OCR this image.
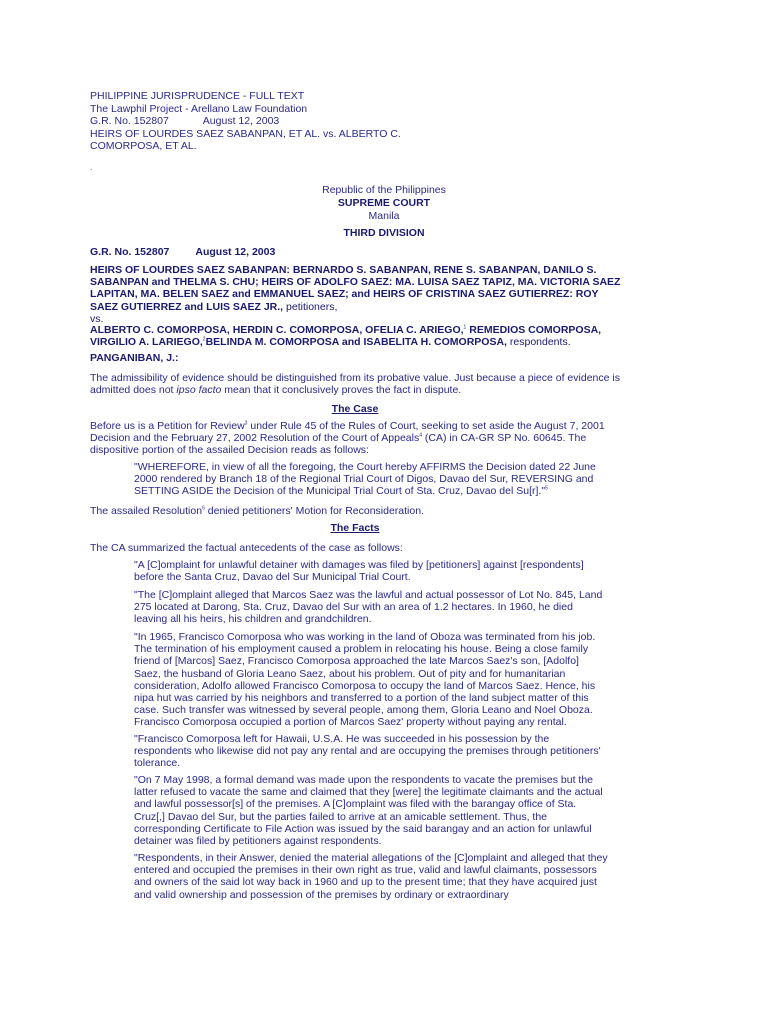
PHILIPPINE JURISPRUDENCE - FULL TEXT
The Lawphil Project - Arellano Law Foundation
G.R. No. 152807	August 12, 2003
HEIRS OF LOURDES SAEZ SABANPAN, ET AL. vs. ALBERTO C.
COMORPOSA, ET AL.
.
Republic of the Philippines
SUPREME COURT
Manila
THIRD DIVISION
G.R. No. 152807 August 12, 2003
HEIRS OF LOURDES SAEZ SABANPAN: BERNARDO S. SABANPAN, RENE S. SABANPAN, DANILO S. SABANPAN and THELMA S. CHU; HEIRS OF ADOLFO SAEZ: MA. LUISA SAEZ TAPIZ, MA. VICTORIA SAEZ LAPITAN, MA. BELEN SAEZ and EMMANUEL SAEZ; and HEIRS OF CRISTINA SAEZ GUTIERREZ: ROY SAEZ GUTIERREZ and LUIS SAEZ JR., petitioners,
vs.
ALBERTO C. COMORPOSA, HERDIN C. COMORPOSA, OFELIA C. ARIEGO,$^1$ REMEDIOS COMORPOSA, VIRGILIO A. LARIEGO,$^2$BELINDA M. COMORPOSA and ISABELITA H. COMORPOSA, respondents.
PANGANIBAN, J.:
The admissibility of evidence should be distinguished from its probative value. Just because a piece of evidence is admitted does not ipso facto mean that it conclusively proves the fact in dispute.
The Case
Before us is a Petition for Review$^3$ under Rule 45 of the Rules of Court, seeking to set aside the August 7, 2001 Decision and the February 27, 2002 Resolution of the Court of Appeals$^4$ (CA) in CA-GR SP No. 60645. The dispositive portion of the assailed Decision reads as follows:
"WHEREFORE, in view of all the foregoing, the Court hereby AFFIRMS the Decision dated 22 June 2000 rendered by Branch 18 of the Regional Trial Court of Digos, Davao del Sur, REVERSING and SETTING ASIDE the Decision of the Municipal Trial Court of Sta. Cruz, Davao del Su[r]."$^5$
The assailed Resolution$^6$ denied petitioners' Motion for Reconsideration.
The Facts
The CA summarized the factual antecedents of the case as follows:
"A [C]omplaint for unlawful detainer with damages was filed by [petitioners] against [respondents] before the Santa Cruz, Davao del Sur Municipal Trial Court.
"The [C]omplaint alleged that Marcos Saez was the lawful and actual possessor of Lot No. 845, Land 275 located at Darong, Sta. Cruz, Davao del Sur with an area of 1.2 hectares. In 1960, he died leaving all his heirs, his children and grandchildren.
"In 1965, Francisco Comorposa who was working in the land of Oboza was terminated from his job. The termination of his employment caused a problem in relocating his house. Being a close family friend of [Marcos] Saez, Francisco Comorposa approached the late Marcos Saez's son, [Adolfo] Saez, the husband of Gloria Leano Saez, about his problem. Out of pity and for humanitarian consideration, Adolfo allowed Francisco Comorposa to occupy the land of Marcos Saez. Hence, his nipa hut was carried by his neighbors and transferred to a portion of the land subject matter of this case. Such transfer was witnessed by several people, among them, Gloria Leano and Noel Oboza. Francisco Comorposa occupied a portion of Marcos Saez' property without paying any rental.
"Francisco Comorposa left for Hawaii, U.S.A. He was succeeded in his possession by the respondents who likewise did not pay any rental and are occupying the premises through petitioners' tolerance.
"On 7 May 1998, a formal demand was made upon the respondents to vacate the premises but the latter refused to vacate the same and claimed that they [were] the legitimate claimants and the actual and lawful possessor[s] of the premises. A [C]omplaint was filed with the barangay office of Sta. Cruz[,] Davao del Sur, but the parties failed to arrive at an amicable settlement. Thus, the corresponding Certificate to File Action was issued by the said barangay and an action for unlawful detainer was filed by petitioners against respondents.
"Respondents, in their Answer, denied the material allegations of the [C]omplaint and alleged that they entered and occupied the premises in their own right as true, valid and lawful claimants, possessors and owners of the said lot way back in 1960 and up to the present time; that they have acquired just and valid ownership and possession of the premises by ordinary or extraordinary
